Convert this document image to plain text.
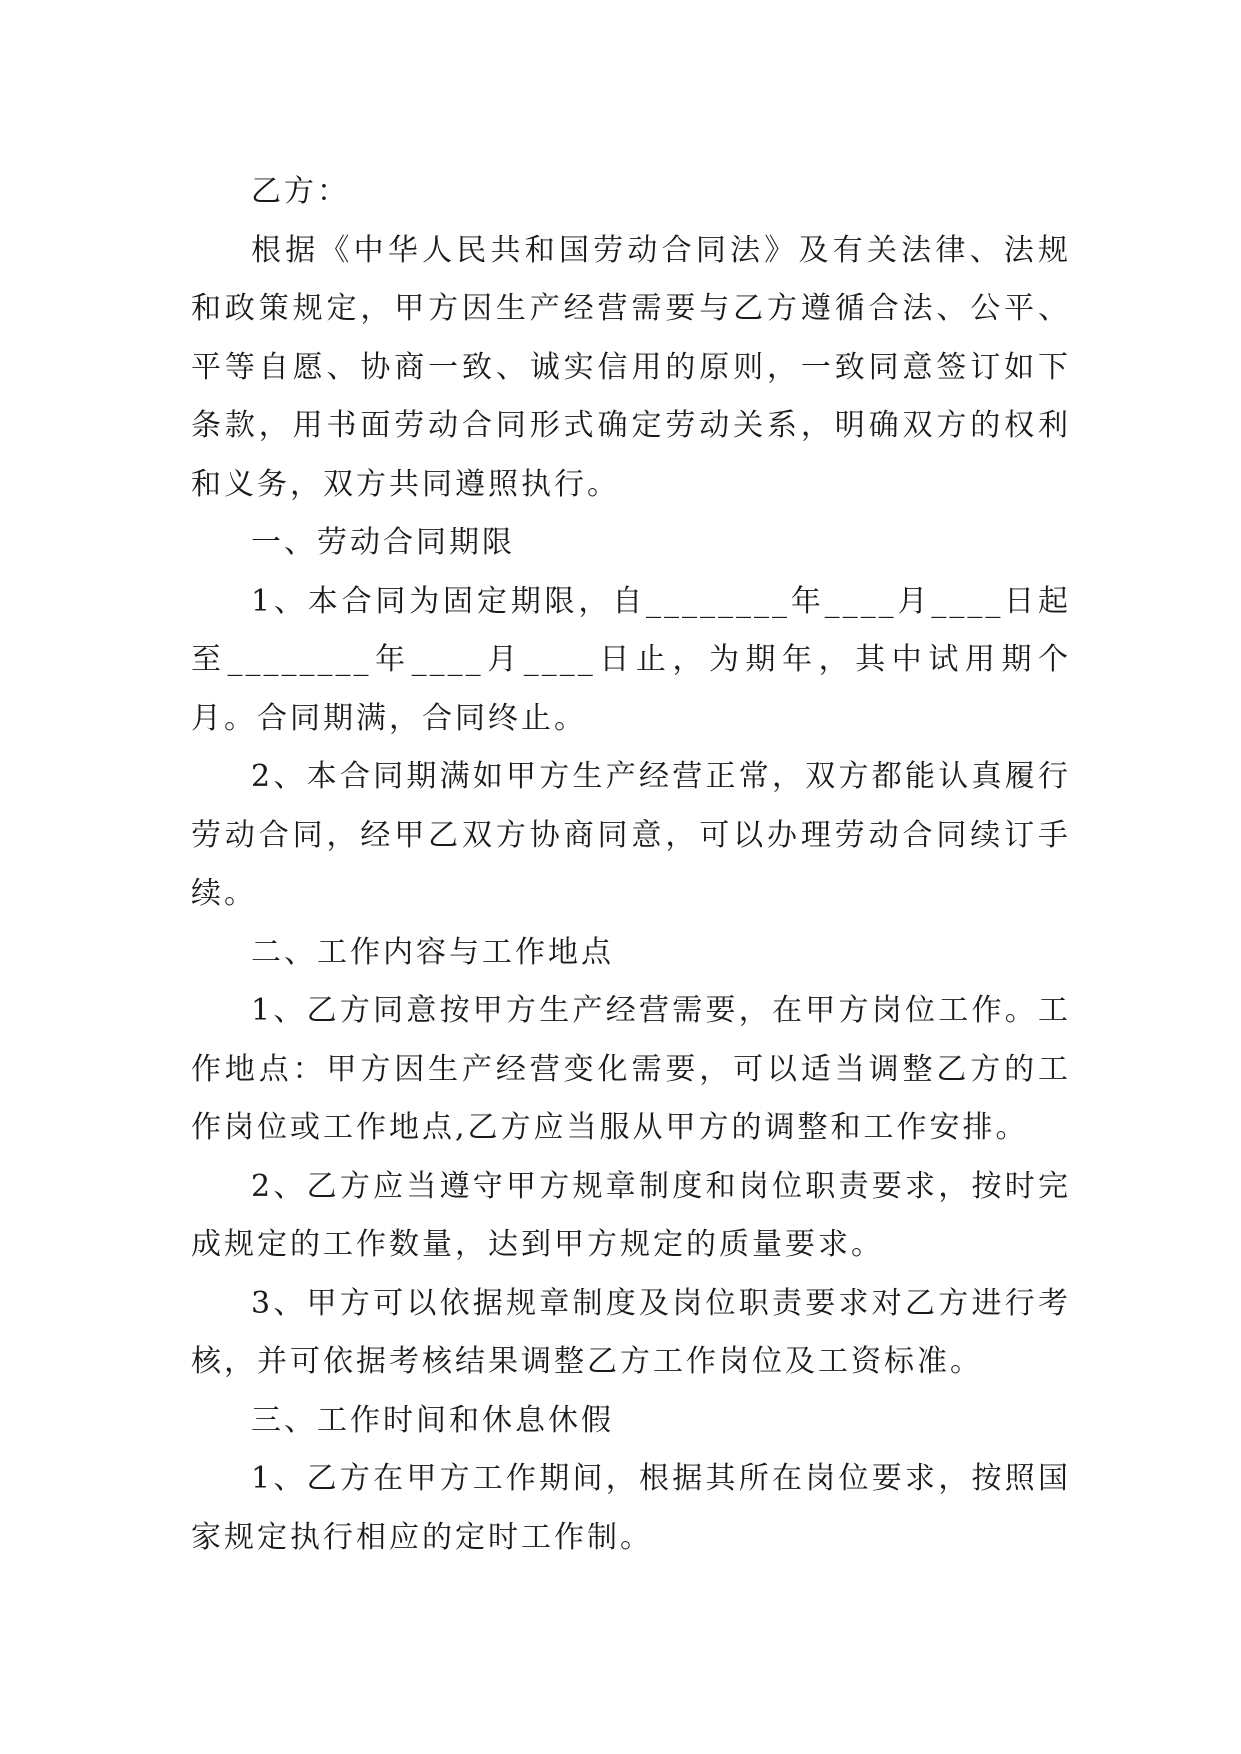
乙方：

根据《中华人民共和国劳动合同法》及有关法律、法规和政策规定，甲方因生产经营需要与乙方遵循合法、公平、平等自愿、协商一致、诚实信用的原则，一致同意签订如下条款，用书面劳动合同形式确定劳动关系，明确双方的权利和义务，双方共同遵照执行。

一、劳动合同期限

1、本合同为固定期限，自________年____月____日起至________年____月____日止，为期年，其中试用期个月。合同期满，合同终止。

2、本合同期满如甲方生产经营正常，双方都能认真履行劳动合同，经甲乙双方协商同意，可以办理劳动合同续订手续。

二、工作内容与工作地点

1、乙方同意按甲方生产经营需要，在甲方岗位工作。工作地点：甲方因生产经营变化需要，可以适当调整乙方的工作岗位或工作地点,乙方应当服从甲方的调整和工作安排。

2、乙方应当遵守甲方规章制度和岗位职责要求，按时完成规定的工作数量，达到甲方规定的质量要求。

3、甲方可以依据规章制度及岗位职责要求对乙方进行考核，并可依据考核结果调整乙方工作岗位及工资标准。

三、工作时间和休息休假

1、乙方在甲方工作期间，根据其所在岗位要求，按照国家规定执行相应的定时工作制。
